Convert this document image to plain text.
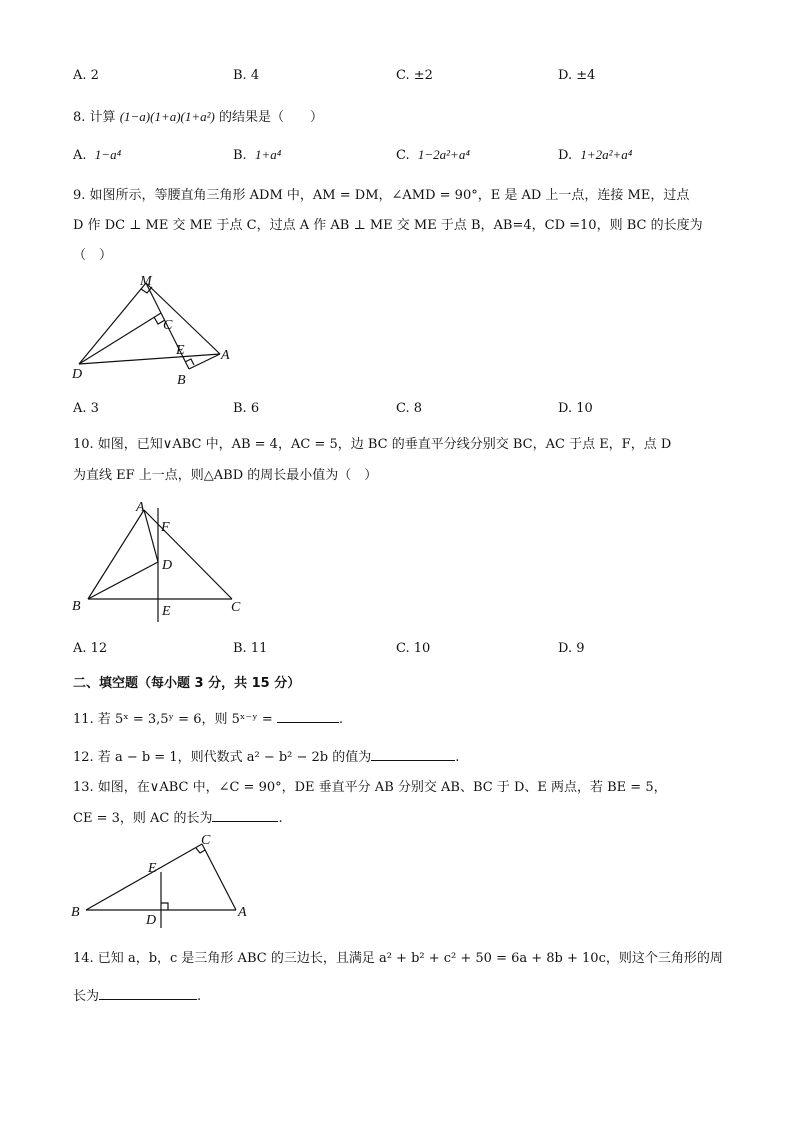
A. 2	B. 4	C. ±2	D. ±4
8. 计算 (1−a)(1+a)(1+a²) 的结果是（　　）
A. 1−a⁴	B. 1+a⁴	C. 1−2a²+a⁴	D. 1+2a²+a⁴
9. 如图所示，等腰直角三角形 ADM 中，AM = DM，∠AMD = 90°，E 是 AD 上一点，连接 ME，过点
D 作 DC ⊥ ME 交 ME 于点 C，过点 A 作 AB ⊥ ME 交 ME 于点 B，AB=4，CD =10，则 BC 的长度为
（　）
M
C
E	A
D	B
A. 3	B. 6	C. 8	D. 10
10. 如图，已知∨ABC 中，AB = 4，AC = 5，边 BC 的垂直平分线分别交 BC，AC 于点 E，F，点 D
为直线 EF 上一点，则△ABD 的周长最小值为（　）
A
F
D
B	E	C
A. 12	B. 11	C. 10	D. 9
二、填空题（每小题 3 分，共 15 分）
11. 若 5ˣ = 3,5ʸ = 6，则 5ˣ⁻ʸ =	.
12. 若 a − b = 1，则代数式 a² − b² − 2b 的值为	.
13. 如图，在∨ABC 中，∠C = 90°，DE 垂直平分 AB 分别交 AB、BC 于 D、E 两点，若 BE = 5，
CE = 3，则 AC 的长为	.
C
E
B
D
A
14. 已知 a，b，c 是三角形 ABC 的三边长，且满足 a² + b² + c² + 50 = 6a + 8b + 10c，则这个三角形的周
长为	.
